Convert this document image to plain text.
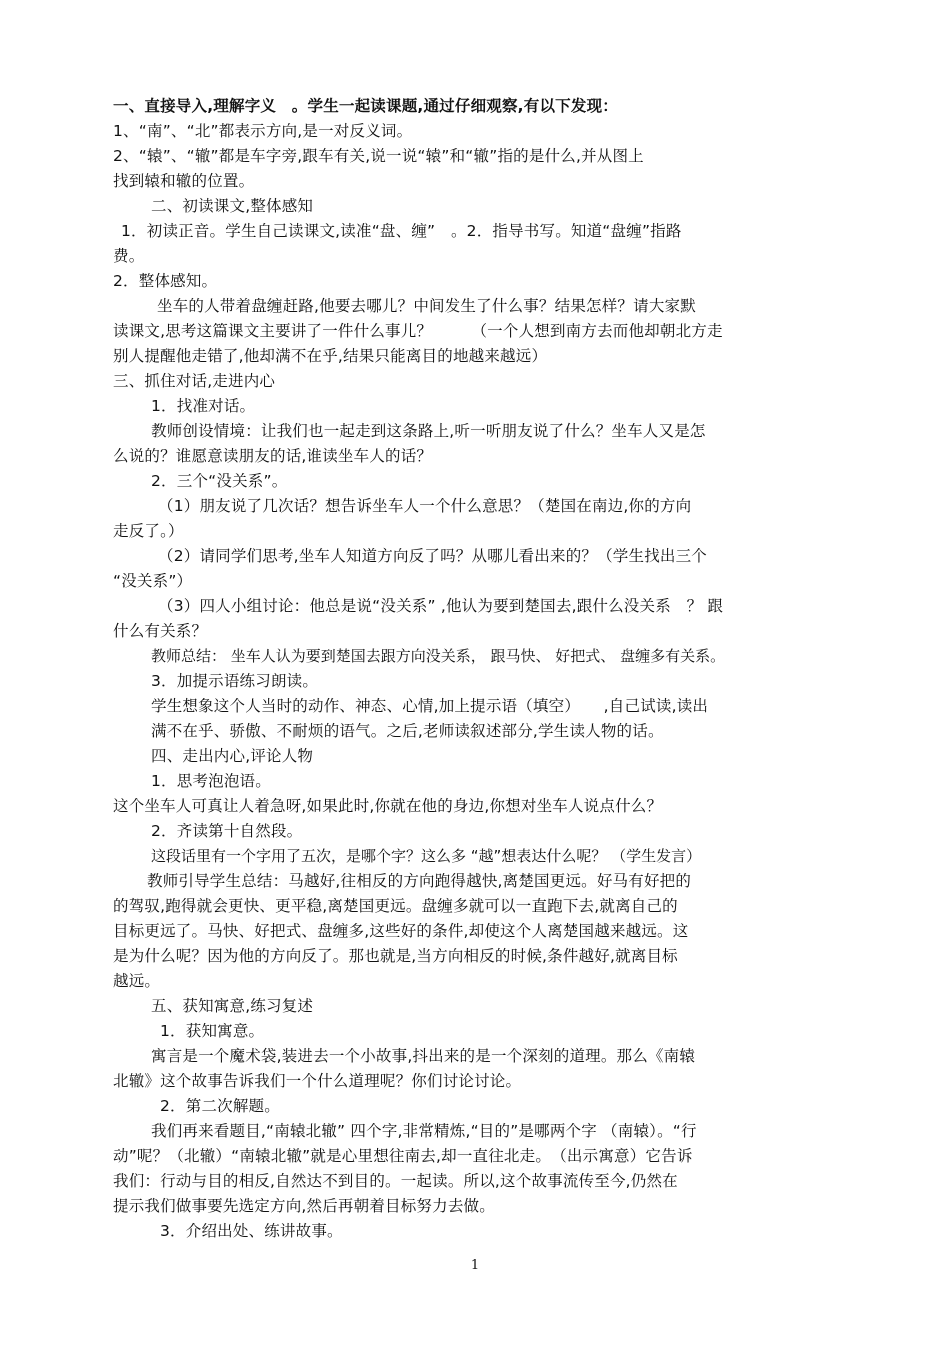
一、直接导入,理解字义　。学生一起读课题,通过仔细观察,有以下发现：
1、“南”、“北”都表示方向,是一对反义词。
2、“辕”、“辙”都是车字旁,跟车有关,说一说“辕”和“辙”指的是什么,并从图上
找到辕和辙的位置。
二、初读课文,整体感知
1．初读正音。学生自己读课文,读准“盘、缠”　。2．指导书写。知道“盘缠”指路
费。
2．整体感知。
坐车的人带着盘缠赶路,他要去哪儿？中间发生了什么事？结果怎样？请大家默
读课文,思考这篇课文主要讲了一件什么事儿？　　　（一个人想到南方去而他却朝北方走
别人提醒他走错了,他却满不在乎,结果只能离目的地越来越远）
三、抓住对话,走进内心
1．找准对话。
教师创设情境：让我们也一起走到这条路上,听一听朋友说了什么？坐车人又是怎
么说的？谁愿意读朋友的话,谁读坐车人的话？
2．三个“没关系”。
（1）朋友说了几次话？想告诉坐车人一个什么意思？（楚国在南边,你的方向
走反了。）
（2）请同学们思考,坐车人知道方向反了吗？从哪儿看出来的？（学生找出三个
“没关系”）
（3）四人小组讨论：他总是说“没关系” ,他认为要到楚国去,跟什么没关系　？ 跟
什么有关系？
教师总结： 坐车人认为要到楚国去跟方向没关系， 跟马快、 好把式、 盘缠多有关系。
3．加提示语练习朗读。
学生想象这个人当时的动作、神态、心情,加上提示语（填空）　　,自己试读,读出
满不在乎、骄傲、不耐烦的语气。之后,老师读叙述部分,学生读人物的话。
四、走出内心,评论人物
1．思考泡泡语。
这个坐车人可真让人着急呀,如果此时,你就在他的身边,你想对坐车人说点什么？
2．齐读第十自然段。
这段话里有一个字用了五次，是哪个字？这么多 “越”想表达什么呢？ （学生发言）
教师引导学生总结：马越好,往相反的方向跑得越快,离楚国更远。好马有好把的
的驾驭,跑得就会更快、更平稳,离楚国更远。盘缠多就可以一直跑下去,就离自己的
目标更远了。马快、好把式、盘缠多,这些好的条件,却使这个人离楚国越来越远。这
是为什么呢？因为他的方向反了。那也就是,当方向相反的时候,条件越好,就离目标
越远。
五、获知寓意,练习复述
1．获知寓意。
寓言是一个魔术袋,装进去一个小故事,抖出来的是一个深刻的道理。那么《南辕
北辙》这个故事告诉我们一个什么道理呢？你们讨论讨论。
2．第二次解题。
我们再来看题目,“南辕北辙” 四个字,非常精炼,“目的”是哪两个字 （南辕）。“行
动”呢？（北辙）“南辕北辙”就是心里想往南去,却一直往北走。　（出示寓意）它告诉
我们：行动与目的相反,自然达不到目的。一起读。所以,这个故事流传至今,仍然在
提示我们做事要先选定方向,然后再朝着目标努力去做。
3．介绍出处、练讲故事。
1
